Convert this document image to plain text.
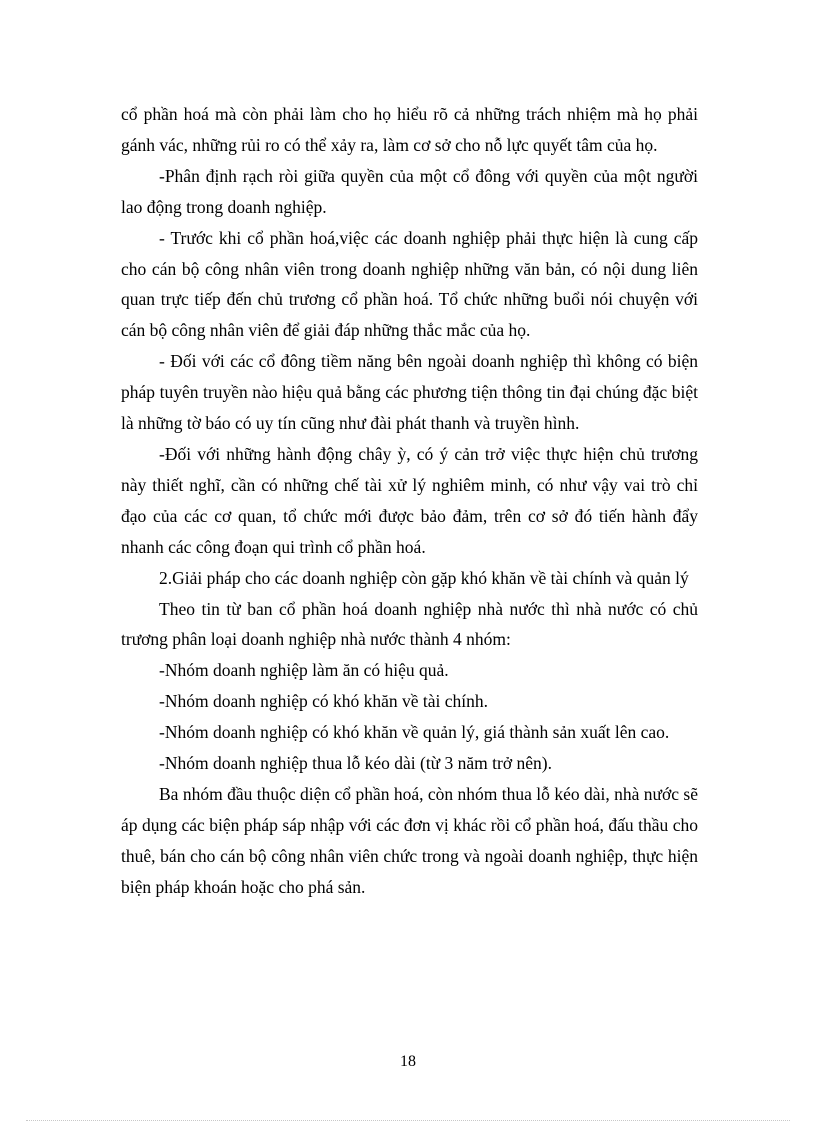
cổ phần hoá mà còn phải làm cho họ hiểu rõ cả những trách nhiệm mà họ phải gánh vác, những rủi ro có thể xảy ra, làm cơ sở cho nỗ lực quyết tâm của họ.

-Phân định rạch ròi giữa quyền của một cổ đông với quyền của một người lao động trong doanh nghiệp.

- Trước khi cổ phần hoá,việc các doanh nghiệp phải thực hiện là cung cấp cho cán bộ công nhân viên trong doanh nghiệp những văn bản, có nội dung liên quan trực tiếp đến chủ trương cổ phần hoá. Tổ chức những buổi nói chuyện với cán bộ công nhân viên để giải đáp những thắc mắc của họ.

- Đối với các cổ đông tiềm năng bên ngoài doanh nghiệp thì không có biện pháp tuyên truyền nào hiệu quả bằng các phương tiện thông tin đại chúng đặc biệt là những tờ báo có uy tín cũng như đài phát thanh và truyền hình.

-Đối với những hành động chây ỳ, có ý cản trở việc thực hiện chủ trương này thiết nghĩ, cần có những chế tài xử lý nghiêm minh, có như vậy vai trò chỉ đạo của các cơ quan, tổ chức mới được bảo đảm, trên cơ sở đó tiến hành đẩy nhanh các công đoạn qui trình cổ phần hoá.

2.Giải pháp cho các doanh nghiệp còn gặp khó khăn về tài chính và quản lý

Theo tin từ ban cổ phần hoá doanh nghiệp nhà nước thì nhà nước có chủ trương phân loại doanh nghiệp nhà nước thành 4 nhóm:

-Nhóm doanh nghiệp làm ăn có hiệu quả.

-Nhóm doanh nghiệp có khó khăn về tài chính.

-Nhóm doanh nghiệp có khó khăn về quản lý, giá thành sản xuất lên cao.

-Nhóm doanh nghiệp thua lỗ kéo dài (từ 3 năm trở nên).

Ba nhóm đầu thuộc diện cổ phần hoá, còn nhóm thua lỗ kéo dài, nhà nước sẽ áp dụng các biện pháp sáp nhập với các đơn vị khác rồi cổ phần hoá, đấu thầu cho thuê, bán cho cán bộ công nhân viên chức trong và ngoài doanh nghiệp, thực hiện biện pháp khoán hoặc cho phá sản.

18
